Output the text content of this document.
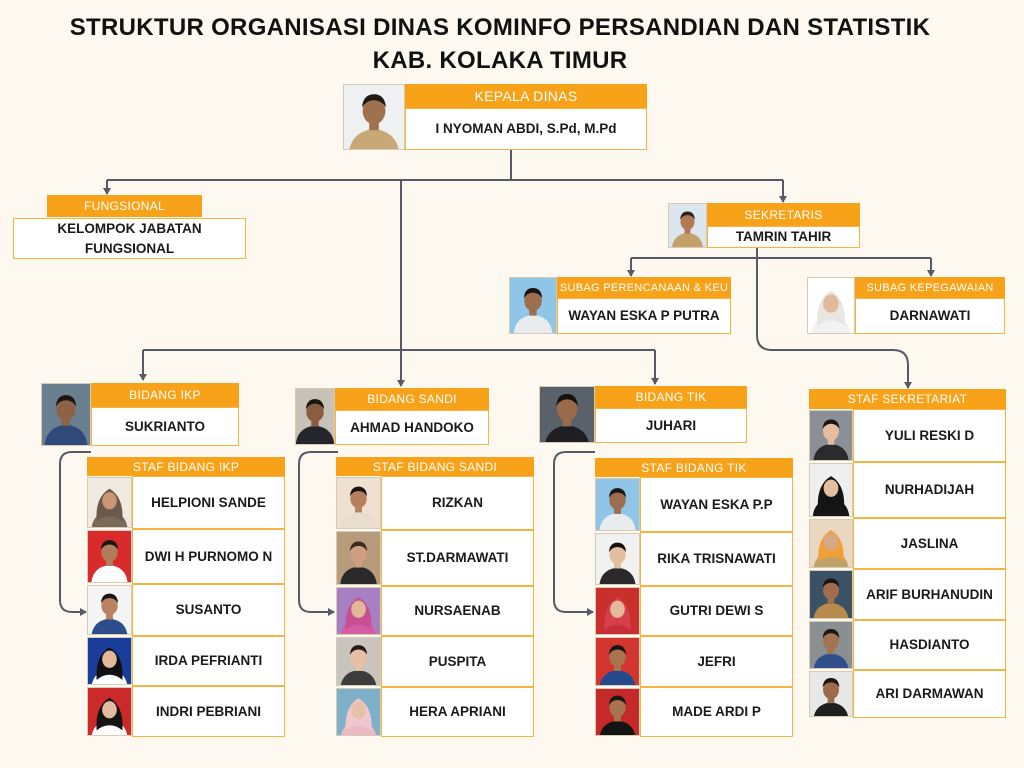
STRUKTUR ORGANISASI DINAS KOMINFO PERSANDIAN DAN STATISTIK
KAB. KOLAKA TIMUR
KEPALA DINAS
I NYOMAN ABDI, S.Pd, M.Pd
FUNGSIONAL
KELOMPOK JABATAN FUNGSIONAL
SEKRETARIS
TAMRIN TAHIR
SUBAG PERENCANAAN & KEU
WAYAN ESKA P PUTRA
SUBAG KEPEGAWAIAN
DARNAWATI
BIDANG IKP
SUKRIANTO
BIDANG SANDI
AHMAD HANDOKO
BIDANG TIK
JUHARI
STAF BIDANG IKP
HELPIONI SANDE
DWI H PURNOMO N
SUSANTO
IRDA PEFRIANTI
INDRI PEBRIANI
STAF BIDANG SANDI
RIZKAN
ST.DARMAWATI
NURSAENAB
PUSPITA
HERA APRIANI
STAF BIDANG TIK
WAYAN ESKA P.P
RIKA TRISNAWATI
GUTRI DEWI S
JEFRI
MADE ARDI P
STAF SEKRETARIAT
YULI RESKI D
NURHADIJAH
JASLINA
ARIF BURHANUDIN
HASDIANTO
ARI DARMAWAN
